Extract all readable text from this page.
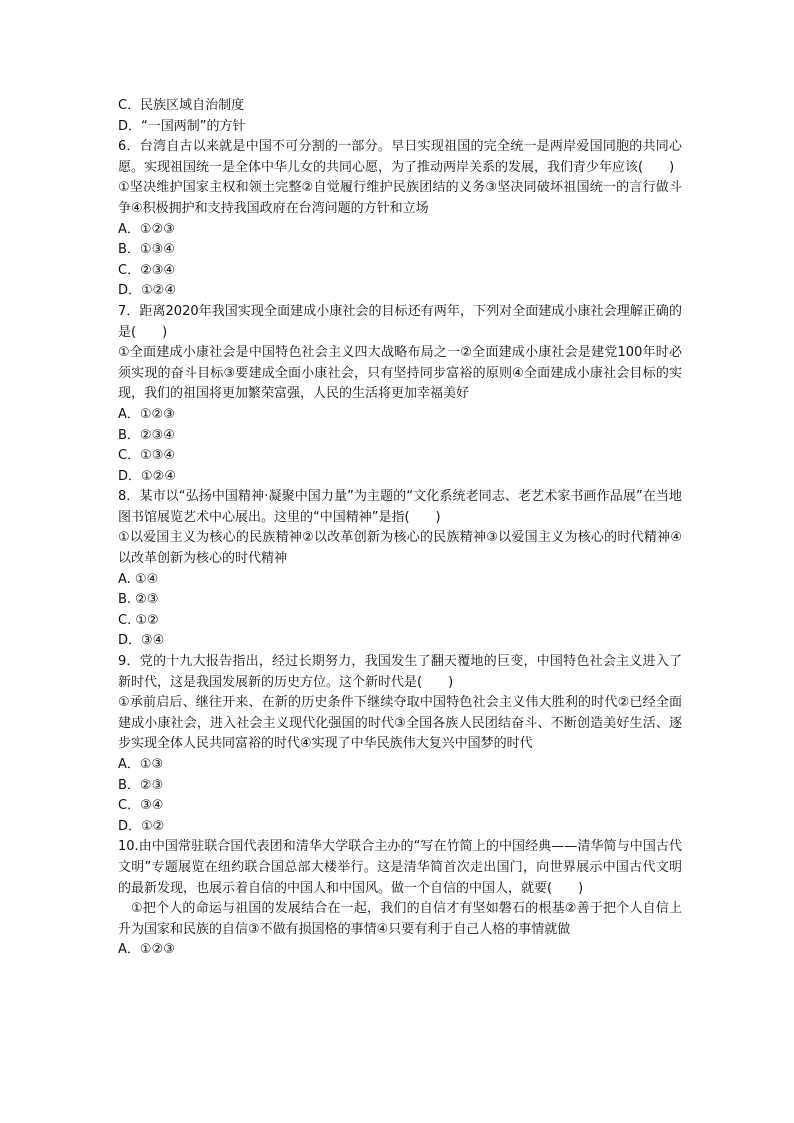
C．民族区域自治制度
D．“一国两制”的方针
6．台湾自古以来就是中国不可分割的一部分。早日实现祖国的完全统一是两岸爱国同胞的共同心愿。实现祖国统一是全体中华儿女的共同心愿，为了推动两岸关系的发展，我们青少年应该(　　)
①坚决维护国家主权和领土完整②自觉履行维护民族团结的义务③坚决同破坏祖国统一的言行做斗争④积极拥护和支持我国政府在台湾问题的方针和立场
A．①②③
B．①③④
C．②③④
D．①②④
7．距离2020年我国实现全面建成小康社会的目标还有两年，下列对全面建成小康社会理解正确的是(　　)
①全面建成小康社会是中国特色社会主义四大战略布局之一②全面建成小康社会是建党100年时必须实现的奋斗目标③要建成全面小康社会，只有坚持同步富裕的原则④全面建成小康社会目标的实现，我们的祖国将更加繁荣富强，人民的生活将更加幸福美好
A．①②③
B．②③④
C．①③④
D．①②④
8．某市以“弘扬中国精神·凝聚中国力量”为主题的“文化系统老同志、老艺术家书画作品展”在当地图书馆展览艺术中心展出。这里的“中国精神”是指(　　)
①以爱国主义为核心的民族精神②以改革创新为核心的民族精神③以爱国主义为核心的时代精神④以改革创新为核心的时代精神
A. ①④
B. ②③
C. ①②
D．③④
9．党的十九大报告指出，经过长期努力，我国发生了翻天覆地的巨变，中国特色社会主义进入了新时代，这是我国发展新的历史方位。这个新时代是(　　)
①承前启后、继往开来、在新的历史条件下继续夺取中国特色社会主义伟大胜利的时代②已经全面建成小康社会，进入社会主义现代化强国的时代③全国各族人民团结奋斗、不断创造美好生活、逐步实现全体人民共同富裕的时代④实现了中华民族伟大复兴中国梦的时代
A．①③
B．②③
C．③④
D．①②
10.由中国常驻联合国代表团和清华大学联合主办的“写在竹简上的中国经典——清华简与中国古代文明”专题展览在纽约联合国总部大楼举行。这是清华简首次走出国门，向世界展示中国古代文明的最新发现，也展示着自信的中国人和中国风。做一个自信的中国人，就要(　　)
①把个人的命运与祖国的发展结合在一起，我们的自信才有坚如磐石的根基②善于把个人自信上升为国家和民族的自信③不做有损国格的事情④只要有利于自己人格的事情就做
A．①②③
